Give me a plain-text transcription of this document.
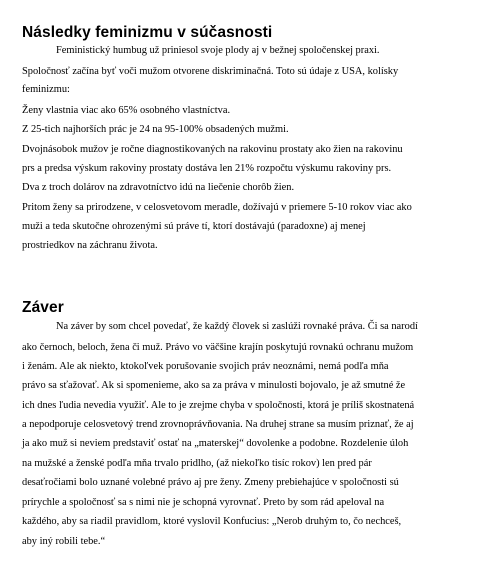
Následky feminizmu v súčasnosti
Feministický humbug už priniesol svoje plody aj v bežnej spoločenskej praxi.
Spoločnosť začína byť voči mužom otvorene diskriminačná. Toto sú údaje z USA, kolísky
feminizmu:
Ženy vlastnia viac ako 65% osobného vlastníctva.
Z 25-tich najhorších prác je 24 na 95-100% obsadených mužmi.
Dvojnásobok mužov je ročne diagnostikovaných na rakovinu prostaty ako žien na rakovinu
prs a predsa výskum rakoviny prostaty dostáva len 21% rozpočtu výskumu rakoviny prs.
Dva z troch dolárov na zdravotníctvo idú na liečenie chorôb žien.
Pritom ženy sa prirodzene, v celosvetovom meradle, dožívajú v priemere 5-10 rokov viac ako
muži a teda skutočne ohrozenými sú práve tí, ktorí dostávajú (paradoxne) aj menej
prostriedkov na záchranu života.
Záver
Na záver by som chcel povedať, že každý človek si zaslúži rovnaké práva. Či sa narodí
ako černoch, beloch, žena či muž. Právo vo väčšine krajín poskytujú rovnakú ochranu mužom
i ženám. Ale ak niekto, ktokoľvek porušovanie svojich práv neoznámi, nemá podľa mňa
právo sa sťažovať. Ak si spomenieme, ako sa za práva v minulosti bojovalo, je až smutné že
ich dnes ľudia nevedia využiť. Ale to je zrejme chyba v spoločnosti, ktorá je príliš skostnatená
a nepodporuje celosvetový trend zrovnoprávňovania. Na druhej strane sa musím priznať, že aj
ja ako muž si neviem predstaviť ostať na „materskej“ dovolenke a podobne. Rozdelenie úloh
na mužské a ženské podľa mňa trvalo pridlho, (až niekoľko tisíc rokov) len pred pár
desaťročiami bolo uznané volebné právo aj pre ženy. Zmeny prebiehajúce v spoločnosti sú
prírychle a spoločnosť sa s nimi nie je schopná vyrovnať. Preto by som rád apeloval na
každého, aby sa riadil pravidlom, ktoré vyslovil Konfucius: „Nerob druhým to, čo nechceš,
aby iný robili tebe.“
